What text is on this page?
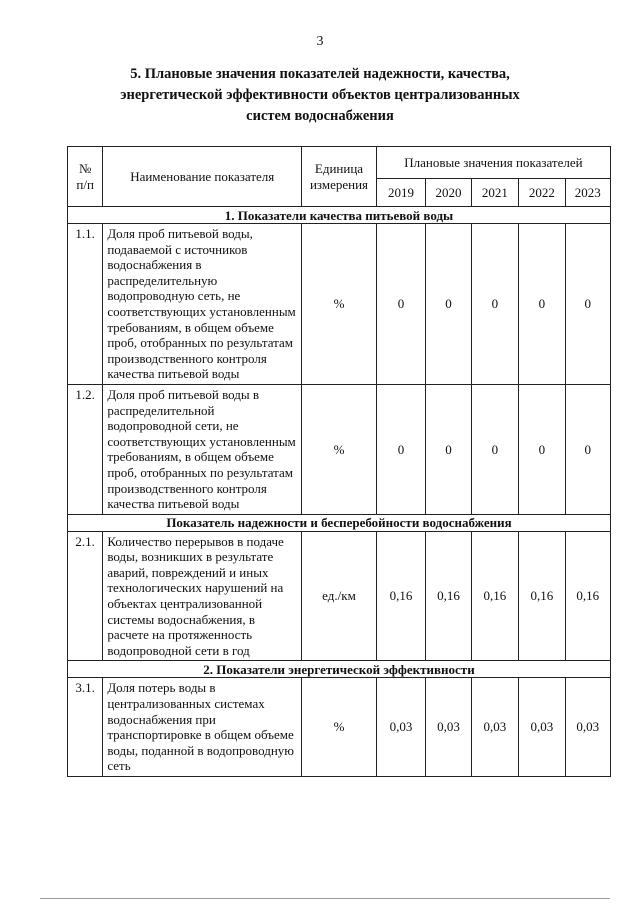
3
5. Плановые значения показателей надежности, качества,
энергетической эффективности объектов централизованных
систем водоснабжения
№ п/п	Наименование показателя	Единица измерения	Плановые значения показателей				
			2019	2020	2021	2022	2023
1. Показатели качества питьевой воды							
1.1.	Доля проб питьевой воды, подаваемой с источников водоснабжения в распределительную водопроводную сеть, не соответствующих установленным требованиям, в общем объеме проб, отобранных по результатам производственного контроля качества питьевой воды	%	0	0	0	0	0
1.2.	Доля проб питьевой воды в распределительной водопроводной сети, не соответствующих установленным требованиям, в общем объеме проб, отобранных по результатам производственного контроля качества питьевой воды	%	0	0	0	0	0
Показатель надежности и бесперебойности водоснабжения							
2.1.	Количество перерывов в подаче воды, возникших в результате аварий, повреждений и иных технологических нарушений на объектах централизованной системы водоснабжения, в расчете на протяженность водопроводной сети в год	ед./км	0,16	0,16	0,16	0,16	0,16
2. Показатели энергетической эффективности							
3.1.	Доля потерь воды в централизованных системах водоснабжения при транспортировке в общем объеме воды, поданной в водопроводную сеть	%	0,03	0,03	0,03	0,03	0,03
